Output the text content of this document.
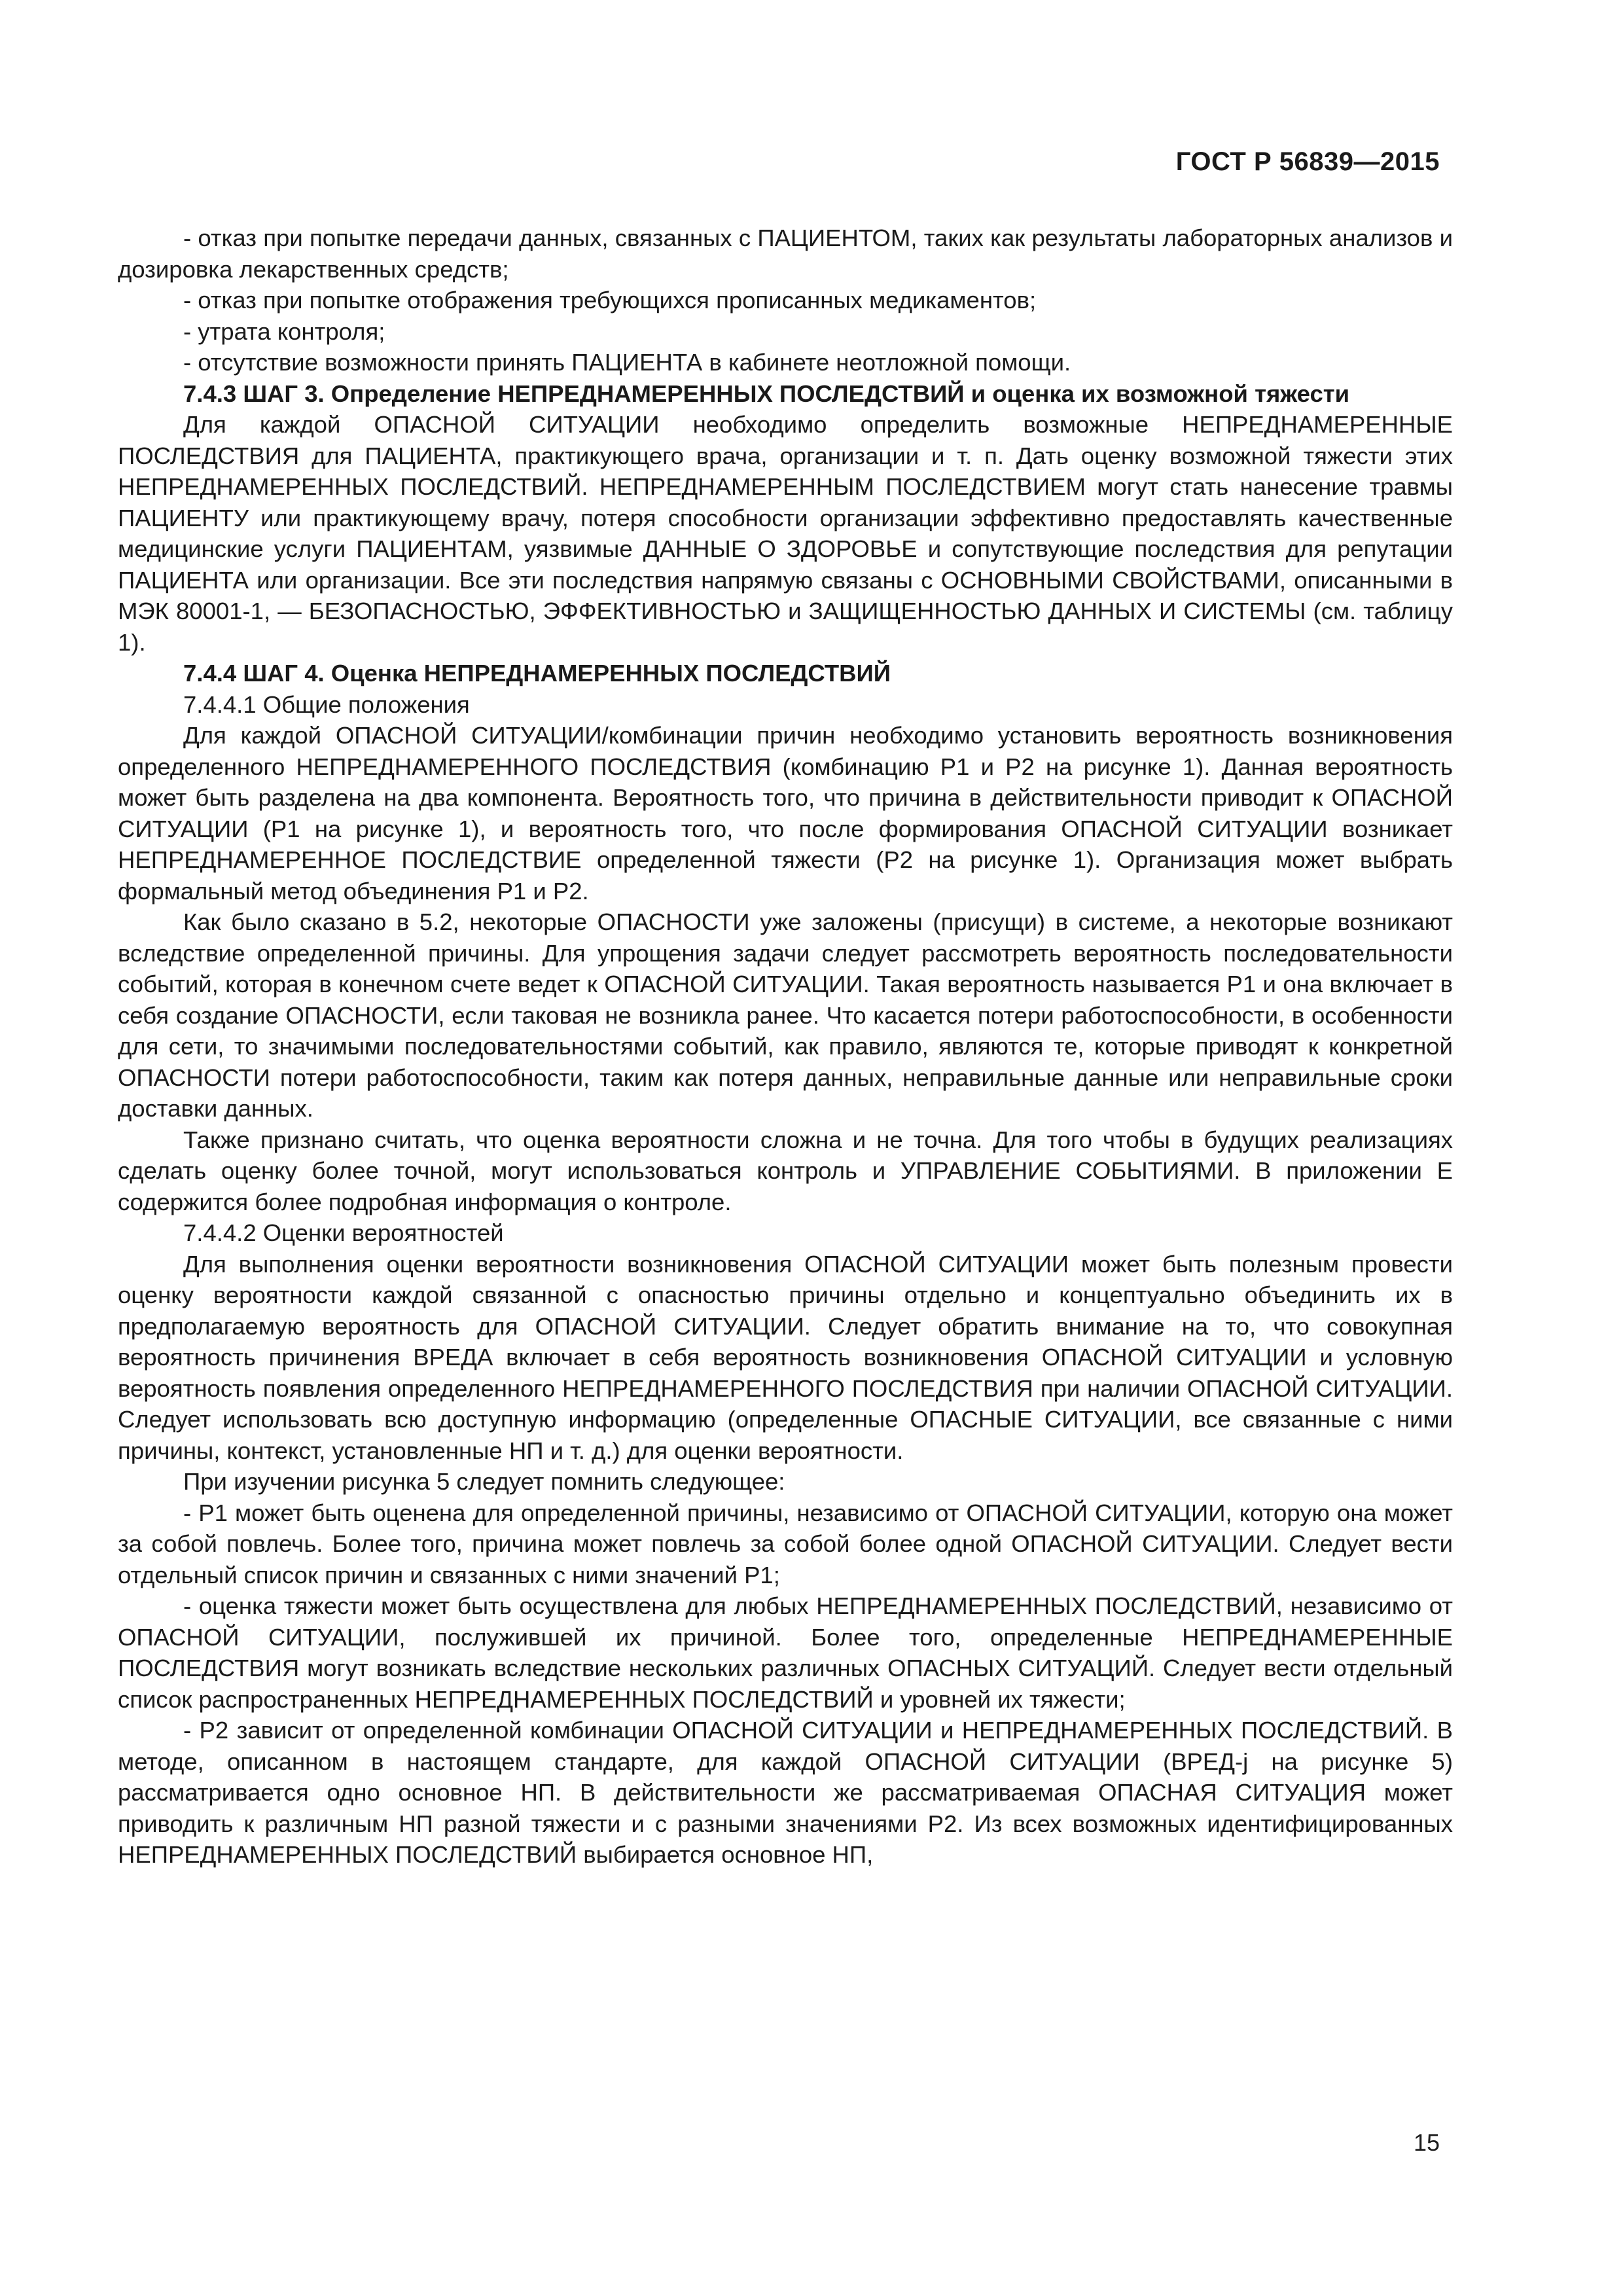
ГОСТ Р 56839—2015

- отказ при попытке передачи данных, связанных с ПАЦИЕНТОМ, таких как результаты лабораторных анализов и дозировка лекарственных средств;

- отказ при попытке отображения требующихся прописанных медикаментов;

- утрата контроля;

- отсутствие возможности принять ПАЦИЕНТА в кабинете неотложной помощи.

7.4.3 ШАГ 3. Определение НЕПРЕДНАМЕРЕННЫХ ПОСЛЕДСТВИЙ и оценка их возможной тяжести

Для каждой ОПАСНОЙ СИТУАЦИИ необходимо определить возможные НЕПРЕДНАМЕРЕННЫЕ ПОСЛЕДСТВИЯ для ПАЦИЕНТА, практикующего врача, организации и т. п. Дать оценку возможной тяжести этих НЕПРЕДНАМЕРЕННЫХ ПОСЛЕДСТВИЙ. НЕПРЕДНАМЕРЕННЫМ ПОСЛЕДСТВИЕМ могут стать нанесение травмы ПАЦИЕНТУ или практикующему врачу, потеря способности организации эффективно предоставлять качественные медицинские услуги ПАЦИЕНТАМ, уязвимые ДАННЫЕ О ЗДОРОВЬЕ и сопутствующие последствия для репутации ПАЦИЕНТА или организации. Все эти последствия напрямую связаны с ОСНОВНЫМИ СВОЙСТВАМИ, описанными в МЭК 80001-1, — БЕЗОПАСНОСТЬЮ, ЭФФЕКТИВНОСТЬЮ и ЗАЩИЩЕННОСТЬЮ ДАННЫХ И СИСТЕМЫ (см. таблицу 1).

7.4.4 ШАГ 4. Оценка НЕПРЕДНАМЕРЕННЫХ ПОСЛЕДСТВИЙ

7.4.4.1 Общие положения

Для каждой ОПАСНОЙ СИТУАЦИИ/комбинации причин необходимо установить вероятность возникновения определенного НЕПРЕДНАМЕРЕННОГО ПОСЛЕДСТВИЯ (комбинацию Р1 и Р2 на рисунке 1). Данная вероятность может быть разделена на два компонента. Вероятность того, что причина в действительности приводит к ОПАСНОЙ СИТУАЦИИ (Р1 на рисунке 1), и вероятность того, что после формирования ОПАСНОЙ СИТУАЦИИ возникает НЕПРЕДНАМЕРЕННОЕ ПОСЛЕДСТВИЕ определенной тяжести (Р2 на рисунке 1). Организация может выбрать формальный метод объединения Р1 и Р2.

Как было сказано в 5.2, некоторые ОПАСНОСТИ уже заложены (присущи) в системе, а некоторые возникают вследствие определенной причины. Для упрощения задачи следует рассмотреть вероятность последовательности событий, которая в конечном счете ведет к ОПАСНОЙ СИТУАЦИИ. Такая вероятность называется Р1 и она включает в себя создание ОПАСНОСТИ, если таковая не возникла ранее. Что касается потери работоспособности, в особенности для сети, то значимыми последовательностями событий, как правило, являются те, которые приводят к конкретной ОПАСНОСТИ потери работоспособности, таким как потеря данных, неправильные данные или неправильные сроки доставки данных.

Также признано считать, что оценка вероятности сложна и не точна. Для того чтобы в будущих реализациях сделать оценку более точной, могут использоваться контроль и УПРАВЛЕНИЕ СОБЫТИЯМИ. В приложении Е содержится более подробная информация о контроле.

7.4.4.2 Оценки вероятностей

Для выполнения оценки вероятности возникновения ОПАСНОЙ СИТУАЦИИ может быть полезным провести оценку вероятности каждой связанной с опасностью причины отдельно и концептуально объединить их в предполагаемую вероятность для ОПАСНОЙ СИТУАЦИИ. Следует обратить внимание на то, что совокупная вероятность причинения ВРЕДА включает в себя вероятность возникновения ОПАСНОЙ СИТУАЦИИ и условную вероятность появления определенного НЕПРЕДНАМЕРЕННОГО ПОСЛЕДСТВИЯ при наличии ОПАСНОЙ СИТУАЦИИ. Следует использовать всю доступную информацию (определенные ОПАСНЫЕ СИТУАЦИИ, все связанные с ними причины, контекст, установленные НП и т. д.) для оценки вероятности.

При изучении рисунка 5 следует помнить следующее:

- Р1 может быть оценена для определенной причины, независимо от ОПАСНОЙ СИТУАЦИИ, которую она может за собой повлечь. Более того, причина может повлечь за собой более одной ОПАСНОЙ СИТУАЦИИ. Следует вести отдельный список причин и связанных с ними значений Р1;

- оценка тяжести может быть осуществлена для любых НЕПРЕДНАМЕРЕННЫХ ПОСЛЕДСТВИЙ, независимо от ОПАСНОЙ СИТУАЦИИ, послужившей их причиной. Более того, определенные НЕПРЕДНАМЕРЕННЫЕ ПОСЛЕДСТВИЯ могут возникать вследствие нескольких различных ОПАСНЫХ СИТУАЦИЙ. Следует вести отдельный список распространенных НЕПРЕДНАМЕРЕННЫХ ПОСЛЕДСТВИЙ и уровней их тяжести;

- Р2 зависит от определенной комбинации ОПАСНОЙ СИТУАЦИИ и НЕПРЕДНАМЕРЕННЫХ ПОСЛЕДСТВИЙ. В методе, описанном в настоящем стандарте, для каждой ОПАСНОЙ СИТУАЦИИ (ВРЕД-j на рисунке 5) рассматривается одно основное НП. В действительности же рассматриваемая ОПАСНАЯ СИТУАЦИЯ может приводить к различным НП разной тяжести и с разными значениями Р2. Из всех возможных идентифицированных НЕПРЕДНАМЕРЕННЫХ ПОСЛЕДСТВИЙ выбирается основное НП,

15
